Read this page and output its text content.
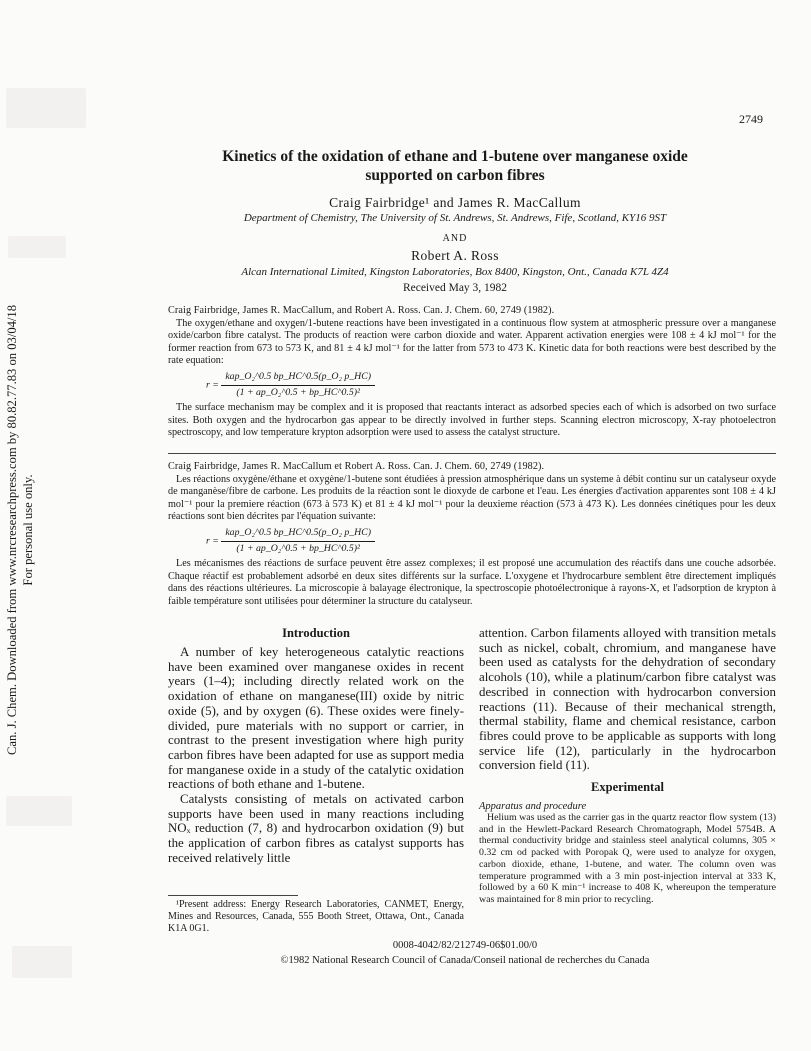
Can. J. Chem. Downloaded from www.nrcresearchpress.com by 80.82.77.83 on 03/04/18 For personal use only.
2749
Kinetics of the oxidation of ethane and 1-butene over manganese oxide
supported on carbon fibres
Craig Fairbridge¹ and James R. MacCallum
Department of Chemistry, The University of St. Andrews, St. Andrews, Fife, Scotland, KY16 9ST
AND
Robert A. Ross
Alcan International Limited, Kingston Laboratories, Box 8400, Kingston, Ont., Canada K7L 4Z4
Received May 3, 1982
Craig Fairbridge, James R. MacCallum, and Robert A. Ross. Can. J. Chem. 60, 2749 (1982).

The oxygen/ethane and oxygen/1-butene reactions have been investigated in a continuous flow system at atmospheric pressure over a manganese oxide/carbon fibre catalyst. The products of reaction were carbon dioxide and water. Apparent activation energies were 108 ± 4 kJ mol⁻¹ for the former reaction from 673 to 573 K, and 81 ± 4 kJ mol⁻¹ for the latter from 573 to 473 K. Kinetic data for both reactions were best described by the rate equation:

$r = \frac{\text{kap\_O₂\textasciicircum{}0.5 bp\_HC\textasciicircum{}0.5(p\_O₂ p\_HC)}}{\text{(1 + ap\_O₂\textasciicircum{}0.5 + bp\_HC\textasciicircum{}0.5)²}}$

The surface mechanism may be complex and it is proposed that reactants interact as adsorbed species each of which is adsorbed on two surface sites. Both oxygen and the hydrocarbon gas appear to be directly involved in further steps. Scanning electron microscopy, X-ray photoelectron spectroscopy, and low temperature krypton adsorption were used to assess the catalyst structure.

Craig Fairbridge, James R. MacCallum et Robert A. Ross. Can. J. Chem. 60, 2749 (1982).

Les réactions oxygène/éthane et oxygène/1-butene sont étudiées à pression atmosphérique dans un systeme à débit continu sur un catalyseur oxyde de manganèse/fibre de carbone. Les produits de la réaction sont le dioxyde de carbone et l'eau. Les énergies d'activation apparentes sont 108 ± 4 kJ mol⁻¹ pour la premiere réaction (673 à 573 K) et 81 ± 4 kJ mol⁻¹ pour la deuxieme réaction (573 à 473 K). Les données cinétiques pour les deux réactions sont bien décrites par l'équation suivante:

$r = \frac{\text{kap\_O₂\textasciicircum{}0.5 bp\_HC\textasciicircum{}0.5(p\_O₂ p\_HC)}}{\text{(1 + ap\_O₂\textasciicircum{}0.5 + bp\_HC\textasciicircum{}0.5)²}}$

Les mécanismes des réactions de surface peuvent être assez complexes; il est proposé une accumulation des réactifs dans une couche adsorbée. Chaque réactif est probablement adsorbé en deux sites différents sur la surface. L'oxygene et l'hydrocarbure semblent être directement impliqués dans des réactions ultérieures. La microscopie à balayage électronique, la spectroscopie photoélectronique à rayons-X, et l'adsorption de krypton à faible température sont utilisées pour déterminer la structure du catalyseur.

Introduction

A number of key heterogeneous catalytic reactions have been examined over manganese oxides in recent years (1–4); including directly related work on the oxidation of ethane on manganese(III) oxide by nitric oxide (5), and by oxygen (6). These oxides were finely-divided, pure materials with no support or carrier, in contrast to the present investigation where high purity carbon fibres have been adapted for use as support media for manganese oxide in a study of the catalytic oxidation reactions of both ethane and 1-butene.

Catalysts consisting of metals on activated carbon supports have been used in many reactions including NOₓ reduction (7, 8) and hydrocarbon oxidation (9) but the application of carbon fibres as catalyst supports has received relatively little

¹Present address: Energy Research Laboratories, CANMET, Energy, Mines and Resources, Canada, 555 Booth Street, Ottawa, Ont., Canada K1A 0G1.

attention. Carbon filaments alloyed with transition metals such as nickel, cobalt, chromium, and manganese have been used as catalysts for the dehydration of secondary alcohols (10), while a platinum/carbon fibre catalyst was described in connection with hydrocarbon conversion reactions (11). Because of their mechanical strength, thermal stability, flame and chemical resistance, carbon fibres could prove to be applicable as supports with long service life (12), particularly in the hydrocarbon conversion field (11).

Experimental
Apparatus and procedure

Helium was used as the carrier gas in the quartz reactor flow system (13) and in the Hewlett-Packard Research Chromatograph, Model 5754B. A thermal conductivity bridge and stainless steel analytical columns, 305 × 0.32 cm od packed with Poropak Q, were used to analyze for oxygen, carbon dioxide, ethane, 1-butene, and water. The column oven was temperature programmed with a 3 min post-injection interval at 333 K, followed by a 60 K min⁻¹ increase to 408 K, whereupon the temperature was maintained for 8 min prior to recycling.

0008-4042/82/212749-06$01.00/0
©1982 National Research Council of Canada/Conseil national de recherches du Canada
